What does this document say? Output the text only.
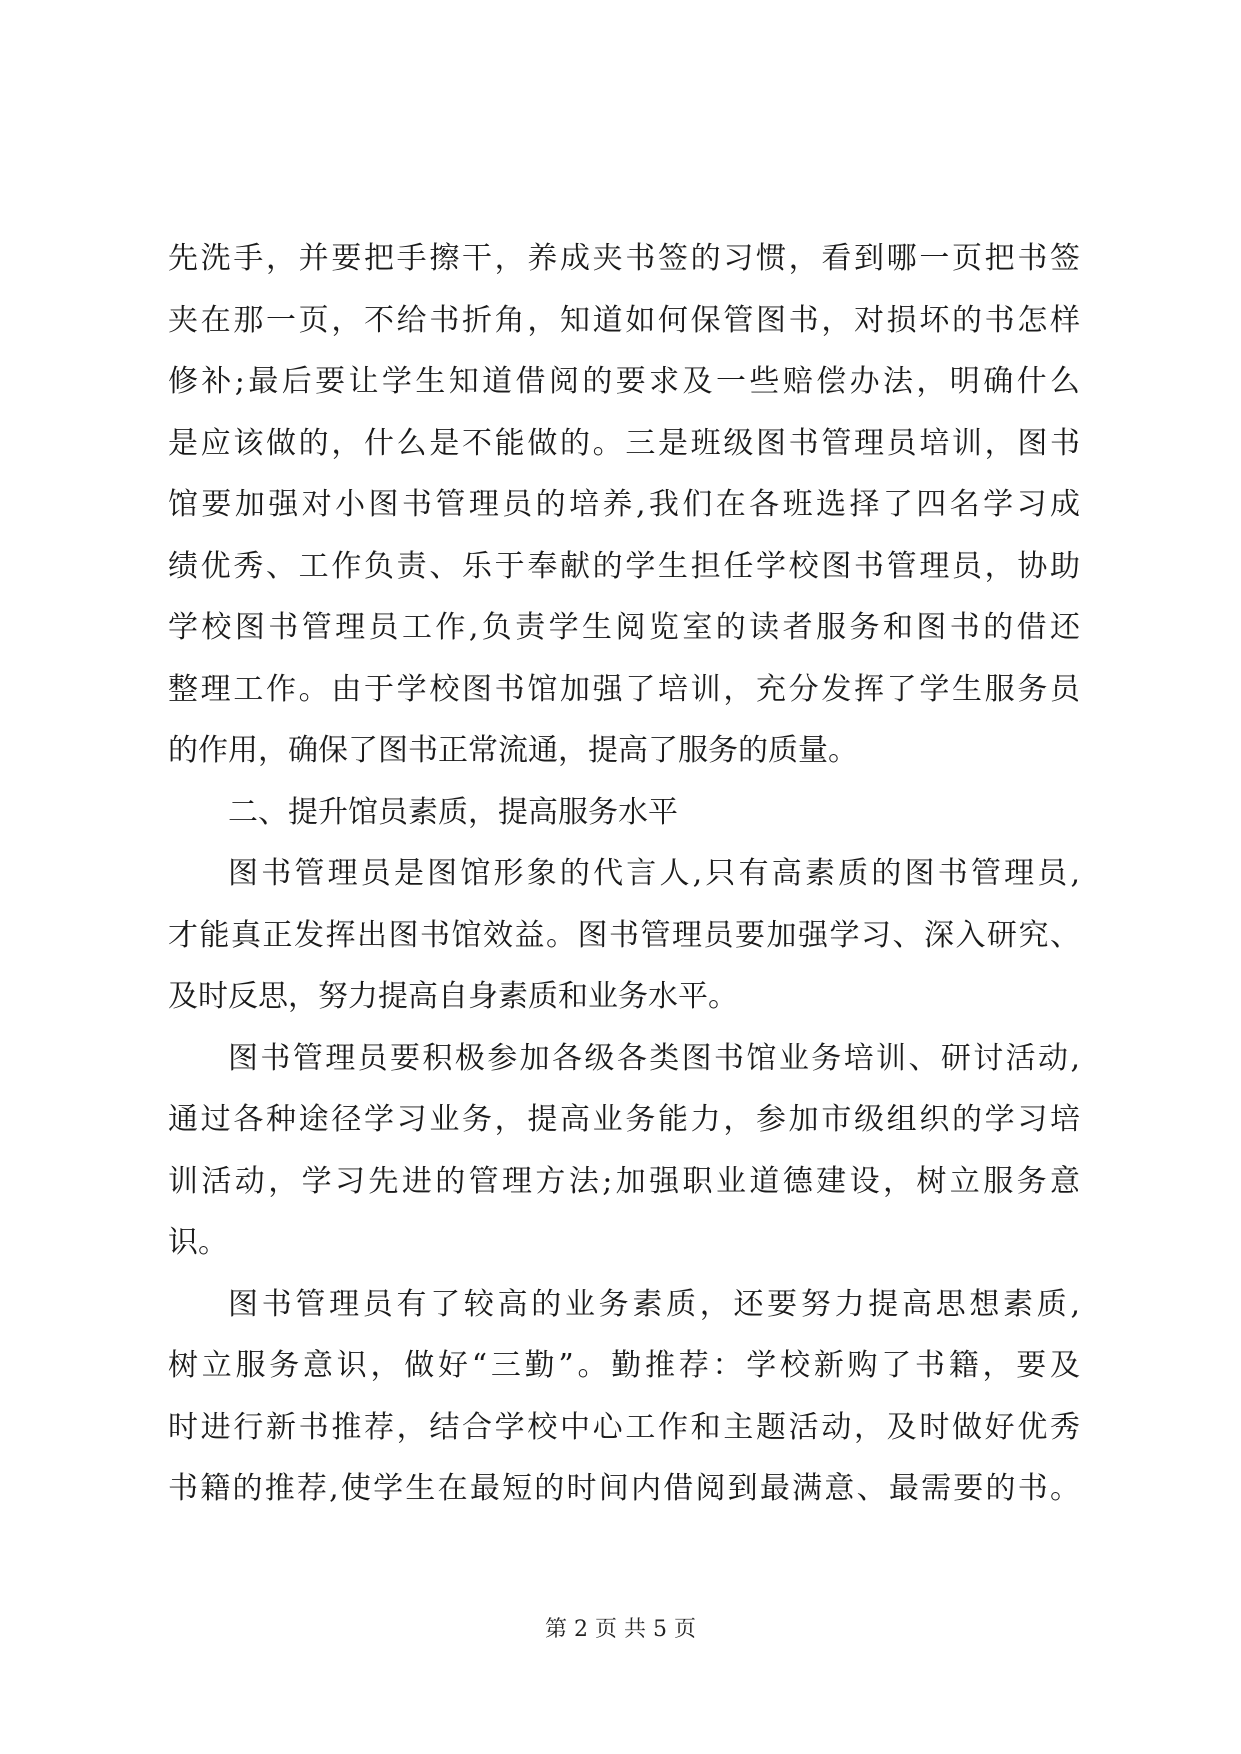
先洗手，并要把手擦干，养成夹书签的习惯，看到哪一页把书签
夹在那一页，不给书折角，知道如何保管图书，对损坏的书怎样
修补;最后要让学生知道借阅的要求及一些赔偿办法，明确什么
是应该做的，什么是不能做的。三是班级图书管理员培训，图书
馆要加强对小图书管理员的培养,我们在各班选择了四名学习成
绩优秀、工作负责、乐于奉献的学生担任学校图书管理员，协助
学校图书管理员工作,负责学生阅览室的读者服务和图书的借还
整理工作。由于学校图书馆加强了培训，充分发挥了学生服务员
的作用，确保了图书正常流通，提高了服务的质量。
二、提升馆员素质，提高服务水平
图书管理员是图馆形象的代言人,只有高素质的图书管理员,
才能真正发挥出图书馆效益。图书管理员要加强学习、深入研究、
及时反思，努力提高自身素质和业务水平。
图书管理员要积极参加各级各类图书馆业务培训、研讨活动,
通过各种途径学习业务，提高业务能力，参加市级组织的学习培
训活动，学习先进的管理方法;加强职业道德建设，树立服务意
识。
图书管理员有了较高的业务素质，还要努力提高思想素质,
树立服务意识，做好“三勤”。勤推荐：学校新购了书籍，要及
时进行新书推荐，结合学校中心工作和主题活动，及时做好优秀
书籍的推荐,使学生在最短的时间内借阅到最满意、最需要的书。
第 2 页 共 5 页
